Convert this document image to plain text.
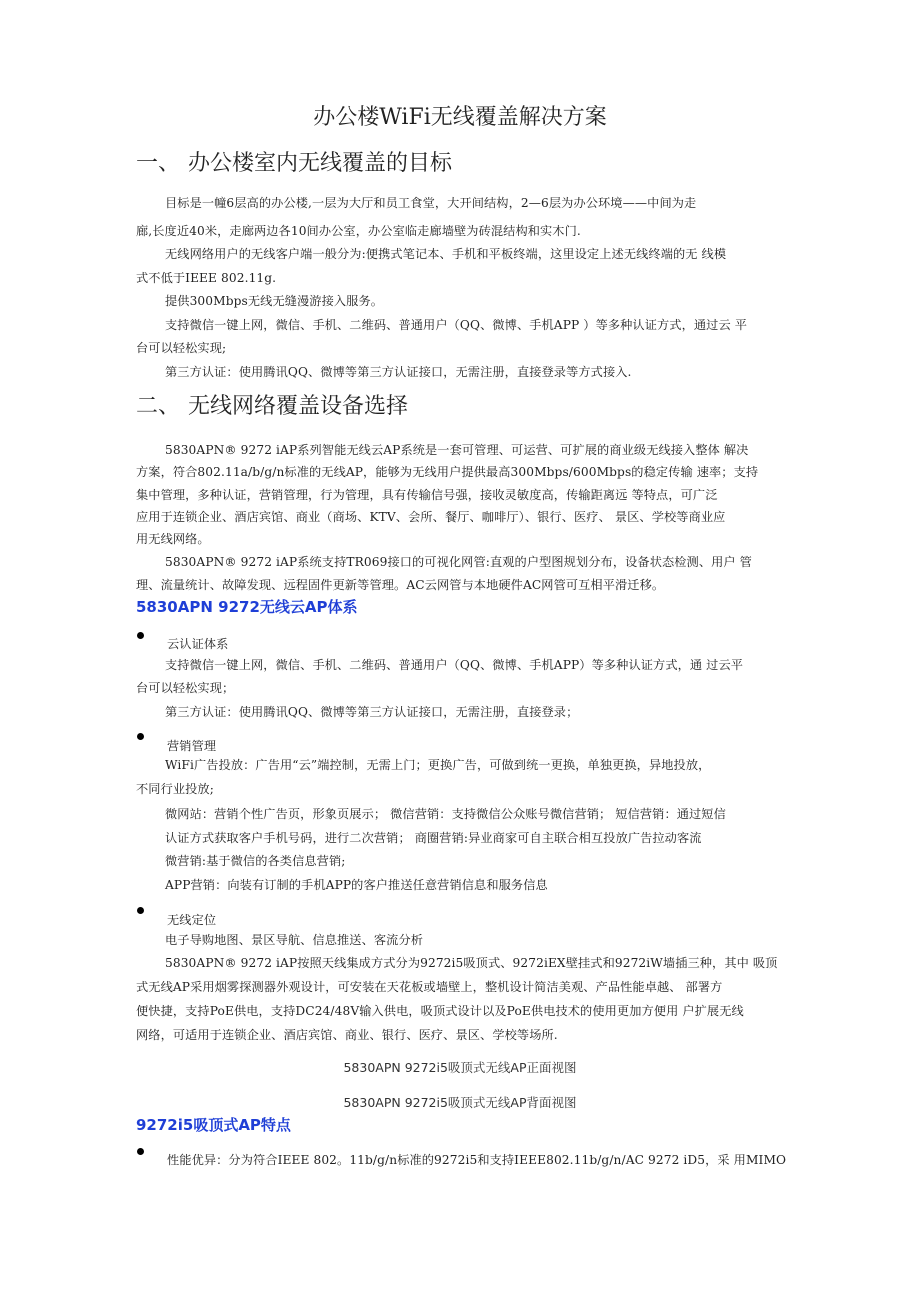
办公楼WiFi无线覆盖解决方案
一、 办公楼室内无线覆盖的目标
目标是一幢6层高的办公楼,一层为大厅和员工食堂，大开间结构，2—6层为办公环境——中间为走
廊,长度近40米，走廊两边各10间办公室，办公室临走廊墙壁为砖混结构和实木门.
无线网络用户的无线客户端一般分为:便携式笔记本、手机和平板终端，这里设定上述无线终端的无 线模
式不低于IEEE 802.11g.
提供300Mbps无线无缝漫游接入服务。
支持微信一键上网，微信、手机、二维码、普通用户（QQ、微博、手机APP ）等多种认证方式，通过云 平
台可以轻松实现;
第三方认证：使用腾讯QQ、微博等第三方认证接口，无需注册，直接登录等方式接入.
二、 无线网络覆盖设备选择
5830APN® 9272 iAP系列智能无线云AP系统是一套可管理、可运营、可扩展的商业级无线接入整体 解决
方案，符合802.11a/b/g/n标准的无线AP，能够为无线用户提供最高300Mbps/600Mbps的稳定传输 速率；支持
集中管理，多种认证，营销管理，行为管理，具有传输信号强，接收灵敏度高，传输距离远 等特点，可广泛
应用于连锁企业、酒店宾馆、商业（商场、KTV、会所、餐厅、咖啡厅）、银行、医疗、 景区、学校等商业应
用无线网络。
5830APN® 9272 iAP系统支持TR069接口的可视化网管:直观的户型图规划分布，设备状态检测、用户 管
理、流量统计、故障发现、远程固件更新等管理。AC云网管与本地硬件AC网管可互相平滑迁移。
5830APN 9272无线云AP体系
云认证体系
支持微信一键上网，微信、手机、二维码、普通用户（QQ、微博、手机APP）等多种认证方式，通 过云平
台可以轻松实现；
第三方认证：使用腾讯QQ、微博等第三方认证接口，无需注册，直接登录；
营销管理
WiFi广告投放：广告用“云”端控制，无需上门；更换广告，可做到统一更换，单独更换，异地投放，
不同行业投放;
微网站：营销个性广告页，形象页展示； 微信营销：支持微信公众账号微信营销； 短信营销：通过短信
认证方式获取客户手机号码，进行二次营销； 商圈营销:异业商家可自主联合相互投放广告拉动客流
微营销:基于微信的各类信息营销;
APP营销：向装有订制的手机APP的客户推送任意营销信息和服务信息
无线定位
电子导购地图、景区导航、信息推送、客流分析
5830APN® 9272 iAP按照天线集成方式分为9272i5吸顶式、9272iEX壁挂式和9272iW墙插三种，其中 吸顶
式无线AP采用烟雾探测器外观设计，可安装在天花板或墙壁上，整机设计简洁美观、产品性能卓越、 部署方
便快捷，支持PoE供电，支持DC24/48V输入供电，吸顶式设计以及PoE供电技术的使用更加方便用 户扩展无线
网络，可适用于连锁企业、酒店宾馆、商业、银行、医疗、景区、学校等场所.
5830APN 9272i5吸顶式无线AP正面视图
5830APN 9272i5吸顶式无线AP背面视图
9272i5吸顶式AP特点
性能优异：分为符合IEEE 802。11b/g/n标准的9272i5和支持IEEE802.11b/g/n/AC 9272 iD5，采 用MIMO
